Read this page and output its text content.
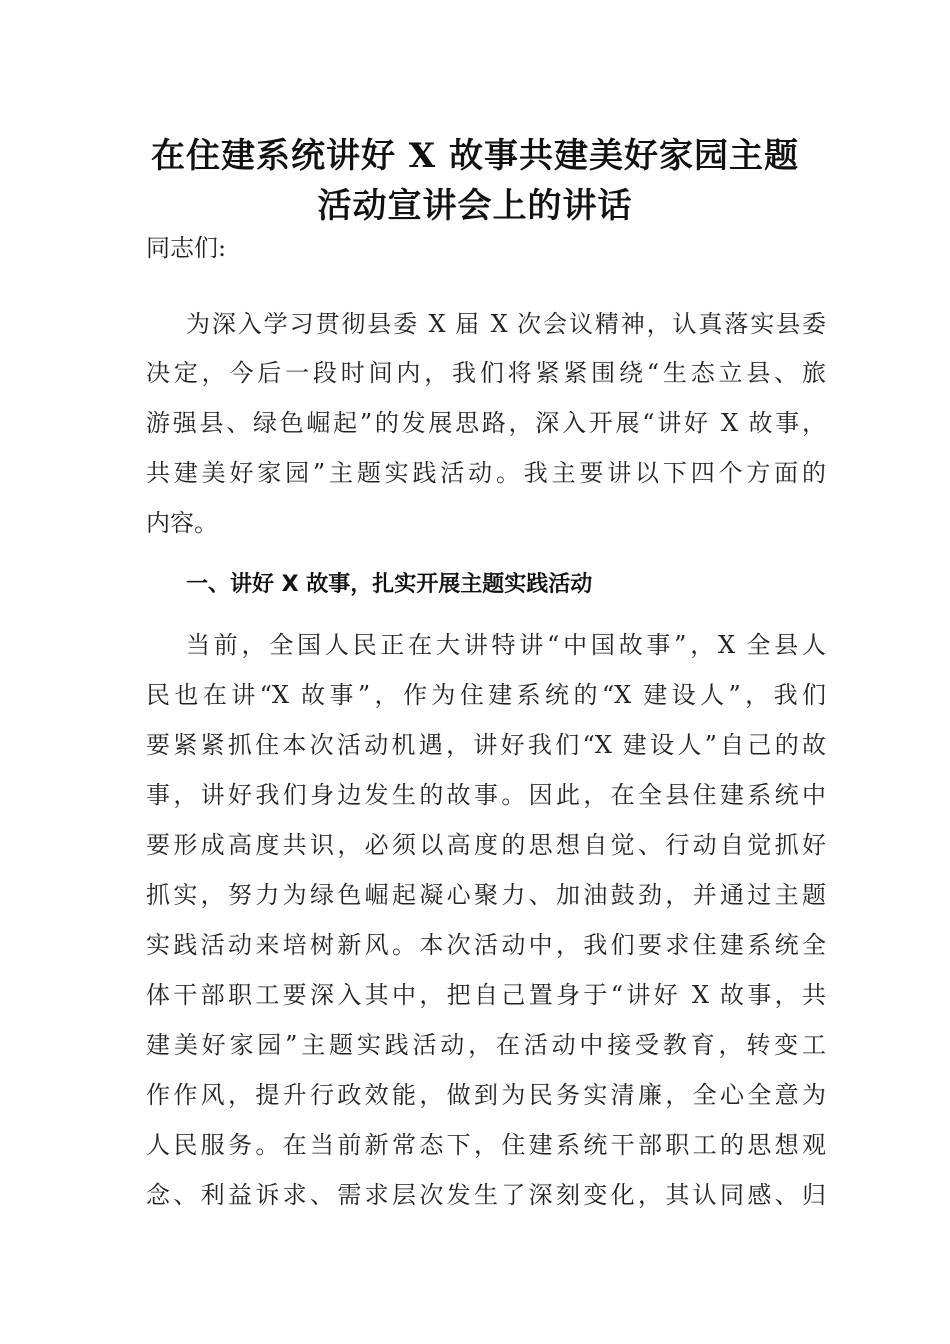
在住建系统讲好 X 故事共建美好家园主题
活动宣讲会上的讲话
同志们:
为深入学习贯彻县委 X 届 X 次会议精神，认真落实县委
决定，今后一段时间内，我们将紧紧围绕“生态立县、旅
游强县、绿色崛起”的发展思路，深入开展“讲好 X 故事，
共建美好家园”主题实践活动。我主要讲以下四个方面的
内容。
一、讲好 X 故事，扎实开展主题实践活动
当前，全国人民正在大讲特讲“中国故事”，X 全县人
民也在讲“X 故事”，作为住建系统的“X 建设人”，我们
要紧紧抓住本次活动机遇，讲好我们“X 建设人”自己的故
事，讲好我们身边发生的故事。因此，在全县住建系统中
要形成高度共识，必须以高度的思想自觉、行动自觉抓好
抓实，努力为绿色崛起凝心聚力、加油鼓劲，并通过主题
实践活动来培树新风。本次活动中，我们要求住建系统全
体干部职工要深入其中，把自己置身于“讲好 X 故事，共
建美好家园”主题实践活动，在活动中接受教育，转变工
作作风，提升行政效能，做到为民务实清廉，全心全意为
人民服务。在当前新常态下，住建系统干部职工的思想观
念、利益诉求、需求层次发生了深刻变化，其认同感、归
